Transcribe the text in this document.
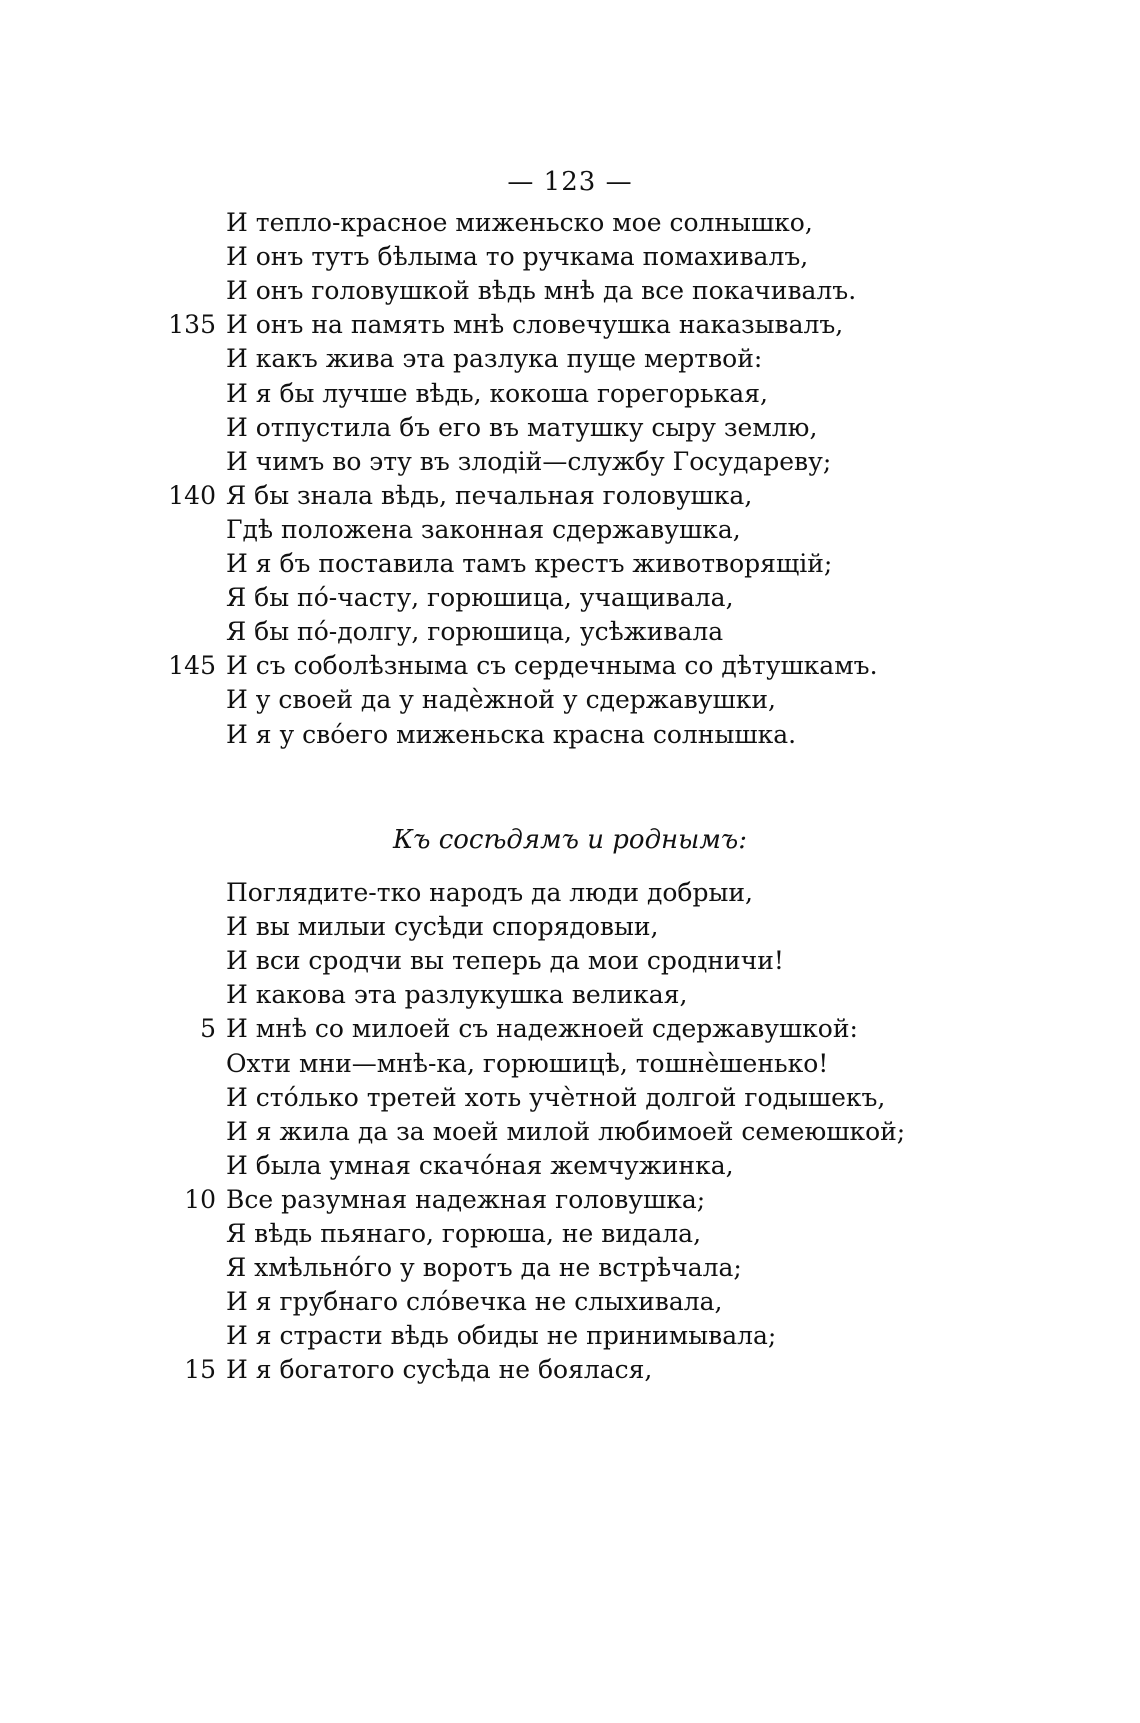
— 123 —
И тепло-красное миженьско мое солнышко,
И онъ тутъ бѣлыма то ручкама помахивалъ,
И онъ головушкой вѣдь мнѣ да все покачивалъ.
135 И онъ на память мнѣ словечушка наказывалъ,
И какъ жива эта разлука пуще мертвой:
И я бы лучше вѣдь, кокоша горегорькая,
И отпустила бъ его въ матушку сыру землю,
И чимъ во эту въ злодій—службу Государеву;
140 Я бы знала вѣдь, печальная головушка,
Гдѣ положена законная сдержавушка,
И я бъ поставила тамъ крестъ животворящій;
Я бы по́-часту, горюшица, учащивала,
Я бы по́-долгу, горюшица, усѣживала
145 И съ соболѣзныма съ сердечныма со дѣтушкамъ.
И у своей да у надѐжной у сдержавушки,
И я у сво́его миженьска красна солнышка.
Къ сосѣдямъ и роднымъ:
Поглядите-тко народъ да люди добрыи,
И вы милыи сусѣди спорядовыи,
И вси сродчи вы теперь да мои сродничи!
И какова эта разлукушка великая,
5 И мнѣ со милоей съ надежноей сдержавушкой:
Охти мни—мнѣ-ка, горюшицѣ, тошнѐшенько!
И сто́лько третей хоть учѐтной долгой годышекъ,
И я жила да за моей милой любимоей семеюшкой;
И была умная скачо́ная жемчужинка,
10 Все разумная надежная головушка;
Я вѣдь пьянаго, горюша, не видала,
Я хмѣльно́го у воротъ да не встрѣчала;
И я грубнаго сло́вечка не слыхивала,
И я страсти вѣдь обиды не принимывала;
15 И я богатого сусѣда не боялася,
